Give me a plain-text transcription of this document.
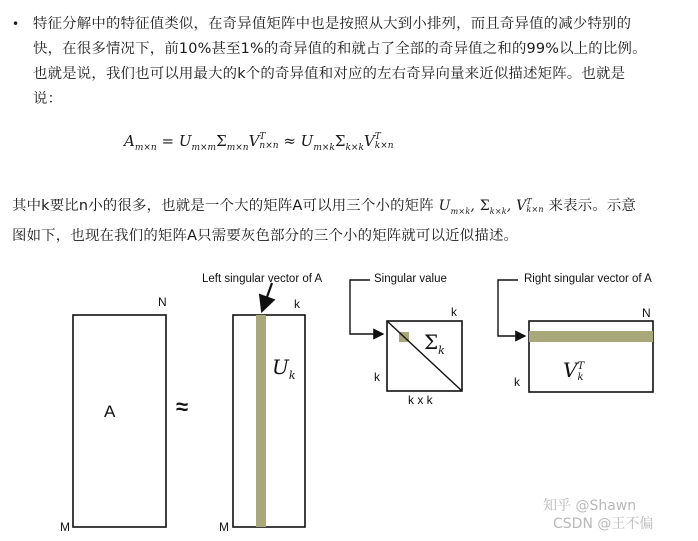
• 特征分解中的特征值类似，在奇异值矩阵中也是按照从大到小排列，而且奇异值的减少特别的
快，在很多情况下，前10%甚至1%的奇异值的和就占了全部的奇异值之和的99%以上的比例。
也就是说，我们也可以用最大的k个的奇异值和对应的左右奇异向量来近似描述矩阵。也就是
说：
$A_{m\times n} = U_{m\times m}\Sigma_{m\times n}V$ T
$n\times n \approx U_{m\times k}\Sigma_{k\times k}V$ T
k×n
其中k要比n小的很多，也就是一个大的矩阵A可以用三个小的矩阵 $U_{m\times k}$, $\Sigma_{k\times k}$, V T
k×n 来表示。示意
图如下，也现在我们的矩阵A只需要灰色部分的三个小的矩阵就可以近似描述。
A
N
M
≈
Left singular vector of A
k
M
$U_k$
Singular value
k
k
k x k
$\Sigma_k$
Right singular vector of A
N
k V T
k
知乎 @Shawn
CSDN @王不偏
